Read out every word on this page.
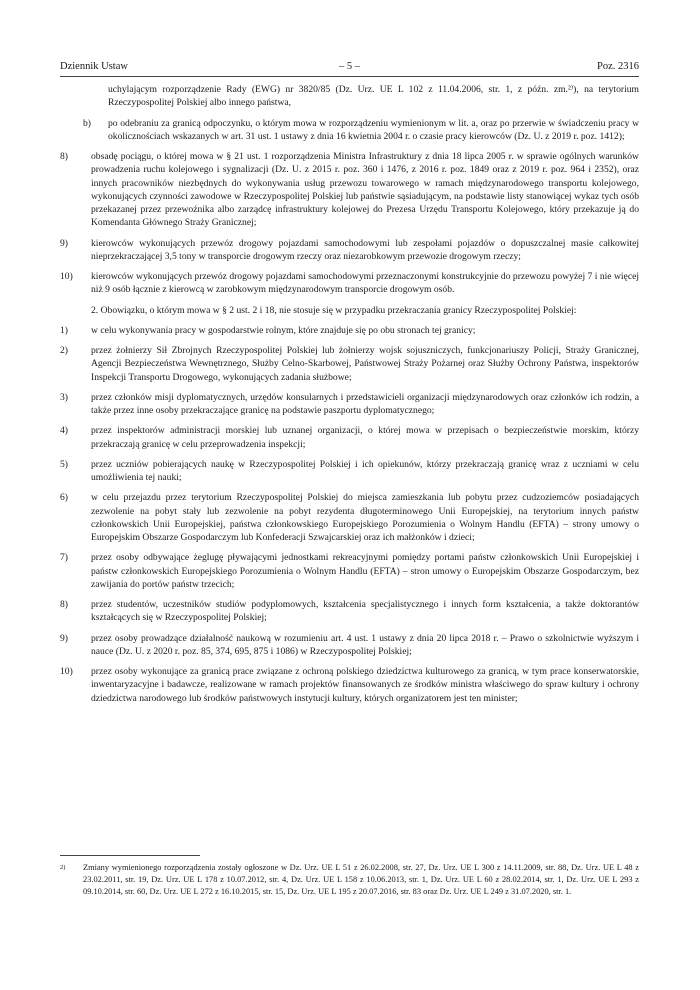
Dziennik Ustaw	– 5 –	Poz. 2316
uchylającym rozporządzenie Rady (EWG) nr 3820/85 (Dz. Urz. UE L 102 z 11.04.2006, str. 1, z późn. zm.²⁾), na terytorium Rzeczypospolitej Polskiej albo innego państwa,
b)	po odebraniu za granicą odpoczynku, o którym mowa w rozporządzeniu wymienionym w lit. a, oraz po przerwie w świadczeniu pracy w okolicznościach wskazanych w art. 31 ust. 1 ustawy z dnia 16 kwietnia 2004 r. o czasie pracy kierowców (Dz. U. z 2019 r. poz. 1412);
8)	obsadę pociągu, o której mowa w § 21 ust. 1 rozporządzenia Ministra Infrastruktury z dnia 18 lipca 2005 r. w sprawie ogólnych warunków prowadzenia ruchu kolejowego i sygnalizacji (Dz. U. z 2015 r. poz. 360 i 1476, z 2016 r. poz. 1849 oraz z 2019 r. poz. 964 i 2352), oraz innych pracowników niezbędnych do wykonywania usług przewozu towarowego w ramach międzynarodowego transportu kolejowego, wykonujących czynności zawodowe w Rzeczypospolitej Polskiej lub państwie sąsiadującym, na podstawie listy stanowiącej wykaz tych osób przekazanej przez przewoźnika albo zarządcę infrastruktury kolejowej do Prezesa Urzędu Transportu Kolejowego, który przekazuje ją do Komendanta Głównego Straży Granicznej;
9)	kierowców wykonujących przewóz drogowy pojazdami samochodowymi lub zespołami pojazdów o dopuszczalnej masie całkowitej nieprzekraczającej 3,5 tony w transporcie drogowym rzeczy oraz niezarobkowym przewozie drogowym rzeczy;
10)	kierowców wykonujących przewóz drogowy pojazdami samochodowymi przeznaczonymi konstrukcyjnie do przewozu powyżej 7 i nie więcej niż 9 osób łącznie z kierowcą w zarobkowym międzynarodowym transporcie drogowym osób.

2. Obowiązku, o którym mowa w § 2 ust. 2 i 18, nie stosuje się w przypadku przekraczania granicy Rzeczypospolitej Polskiej:

1)	w celu wykonywania pracy w gospodarstwie rolnym, które znajduje się po obu stronach tej granicy;
2)	przez żołnierzy Sił Zbrojnych Rzeczypospolitej Polskiej lub żołnierzy wojsk sojuszniczych, funkcjonariuszy Policji, Straży Granicznej, Agencji Bezpieczeństwa Wewnętrznego, Służby Celno-Skarbowej, Państwowej Straży Pożarnej oraz Służby Ochrony Państwa, inspektorów Inspekcji Transportu Drogowego, wykonujących zadania służbowe;
3)	przez członków misji dyplomatycznych, urzędów konsularnych i przedstawicieli organizacji międzynarodowych oraz członków ich rodzin, a także przez inne osoby przekraczające granicę na podstawie paszportu dyplomatycznego;
4)	przez inspektorów administracji morskiej lub uznanej organizacji, o której mowa w przepisach o bezpieczeństwie morskim, którzy przekraczają granicę w celu przeprowadzenia inspekcji;
5)	przez uczniów pobierających naukę w Rzeczypospolitej Polskiej i ich opiekunów, którzy przekraczają granicę wraz z uczniami w celu umożliwienia tej nauki;
6)	w celu przejazdu przez terytorium Rzeczypospolitej Polskiej do miejsca zamieszkania lub pobytu przez cudzoziemców posiadających zezwolenie na pobyt stały lub zezwolenie na pobyt rezydenta długoterminowego Unii Europejskiej, na terytorium innych państw członkowskich Unii Europejskiej, państwa członkowskiego Europejskiego Porozumienia o Wolnym Handlu (EFTA) – strony umowy o Europejskim Obszarze Gospodarczym lub Konfederacji Szwajcarskiej oraz ich małżonków i dzieci;
7)	przez osoby odbywające żeglugę pływającymi jednostkami rekreacyjnymi pomiędzy portami państw członkowskich Unii Europejskiej i państw członkowskich Europejskiego Porozumienia o Wolnym Handlu (EFTA) – stron umowy o Europejskim Obszarze Gospodarczym, bez zawijania do portów państw trzecich;
8)	przez studentów, uczestników studiów podyplomowych, kształcenia specjalistycznego i innych form kształcenia, a także doktorantów kształcących się w Rzeczypospolitej Polskiej;
9)	przez osoby prowadzące działalność naukową w rozumieniu art. 4 ust. 1 ustawy z dnia 20 lipca 2018 r. – Prawo o szkolnictwie wyższym i nauce (Dz. U. z 2020 r. poz. 85, 374, 695, 875 i 1086) w Rzeczypospolitej Polskiej;
10)	przez osoby wykonujące za granicą prace związane z ochroną polskiego dziedzictwa kulturowego za granicą, w tym prace konserwatorskie, inwentaryzacyjne i badawcze, realizowane w ramach projektów finansowanych ze środków ministra właściwego do spraw kultury i ochrony dziedzictwa narodowego lub środków państwowych instytucji kultury, których organizatorem jest ten minister;
2)	Zmiany wymienionego rozporządzenia zostały ogłoszone w Dz. Urz. UE L 51 z 26.02.2008, str. 27, Dz. Urz. UE L 300 z 14.11.2009, str. 88, Dz. Urz. UE L 48 z 23.02.2011, str. 19, Dz. Urz. UE L 178 z 10.07.2012, str. 4, Dz. Urz. UE L 158 z 10.06.2013, str. 1, Dz. Urz. UE L 60 z 28.02.2014, str. 1, Dz. Urz. UE L 293 z 09.10.2014, str. 60, Dz. Urz. UE L 272 z 16.10.2015, str. 15, Dz. Urz. UE L 195 z 20.07.2016, str. 83 oraz Dz. Urz. UE L 249 z 31.07.2020, str. 1.
